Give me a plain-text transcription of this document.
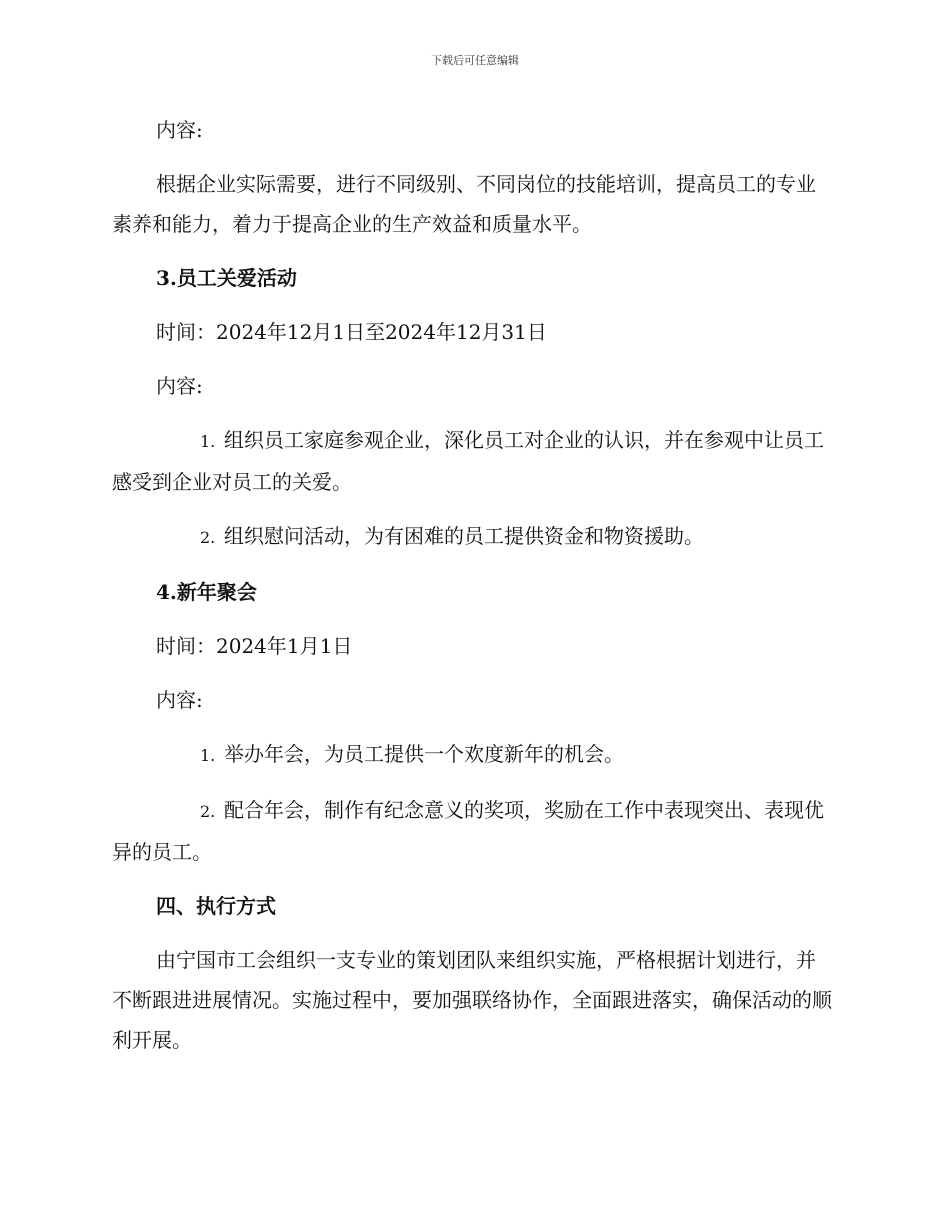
下载后可任意编辑

内容:

根据企业实际需要，进行不同级别、不同岗位的技能培训，提高员工的专业素养和能力，着力于提高企业的生产效益和质量水平。

3.员工关爱活动

时间：2024年12月1日至2024年12月31日

内容:

1. 组织员工家庭参观企业，深化员工对企业的认识，并在参观中让员工感受到企业对员工的关爱。

2. 组织慰问活动，为有困难的员工提供资金和物资援助。

4.新年聚会

时间：2024年1月1日

内容:

1. 举办年会，为员工提供一个欢度新年的机会。

2. 配合年会，制作有纪念意义的奖项，奖励在工作中表现突出、表现优异的员工。

四、执行方式

由宁国市工会组织一支专业的策划团队来组织实施，严格根据计划进行，并不断跟进进展情况。实施过程中，要加强联络协作，全面跟进落实，确保活动的顺利开展。
